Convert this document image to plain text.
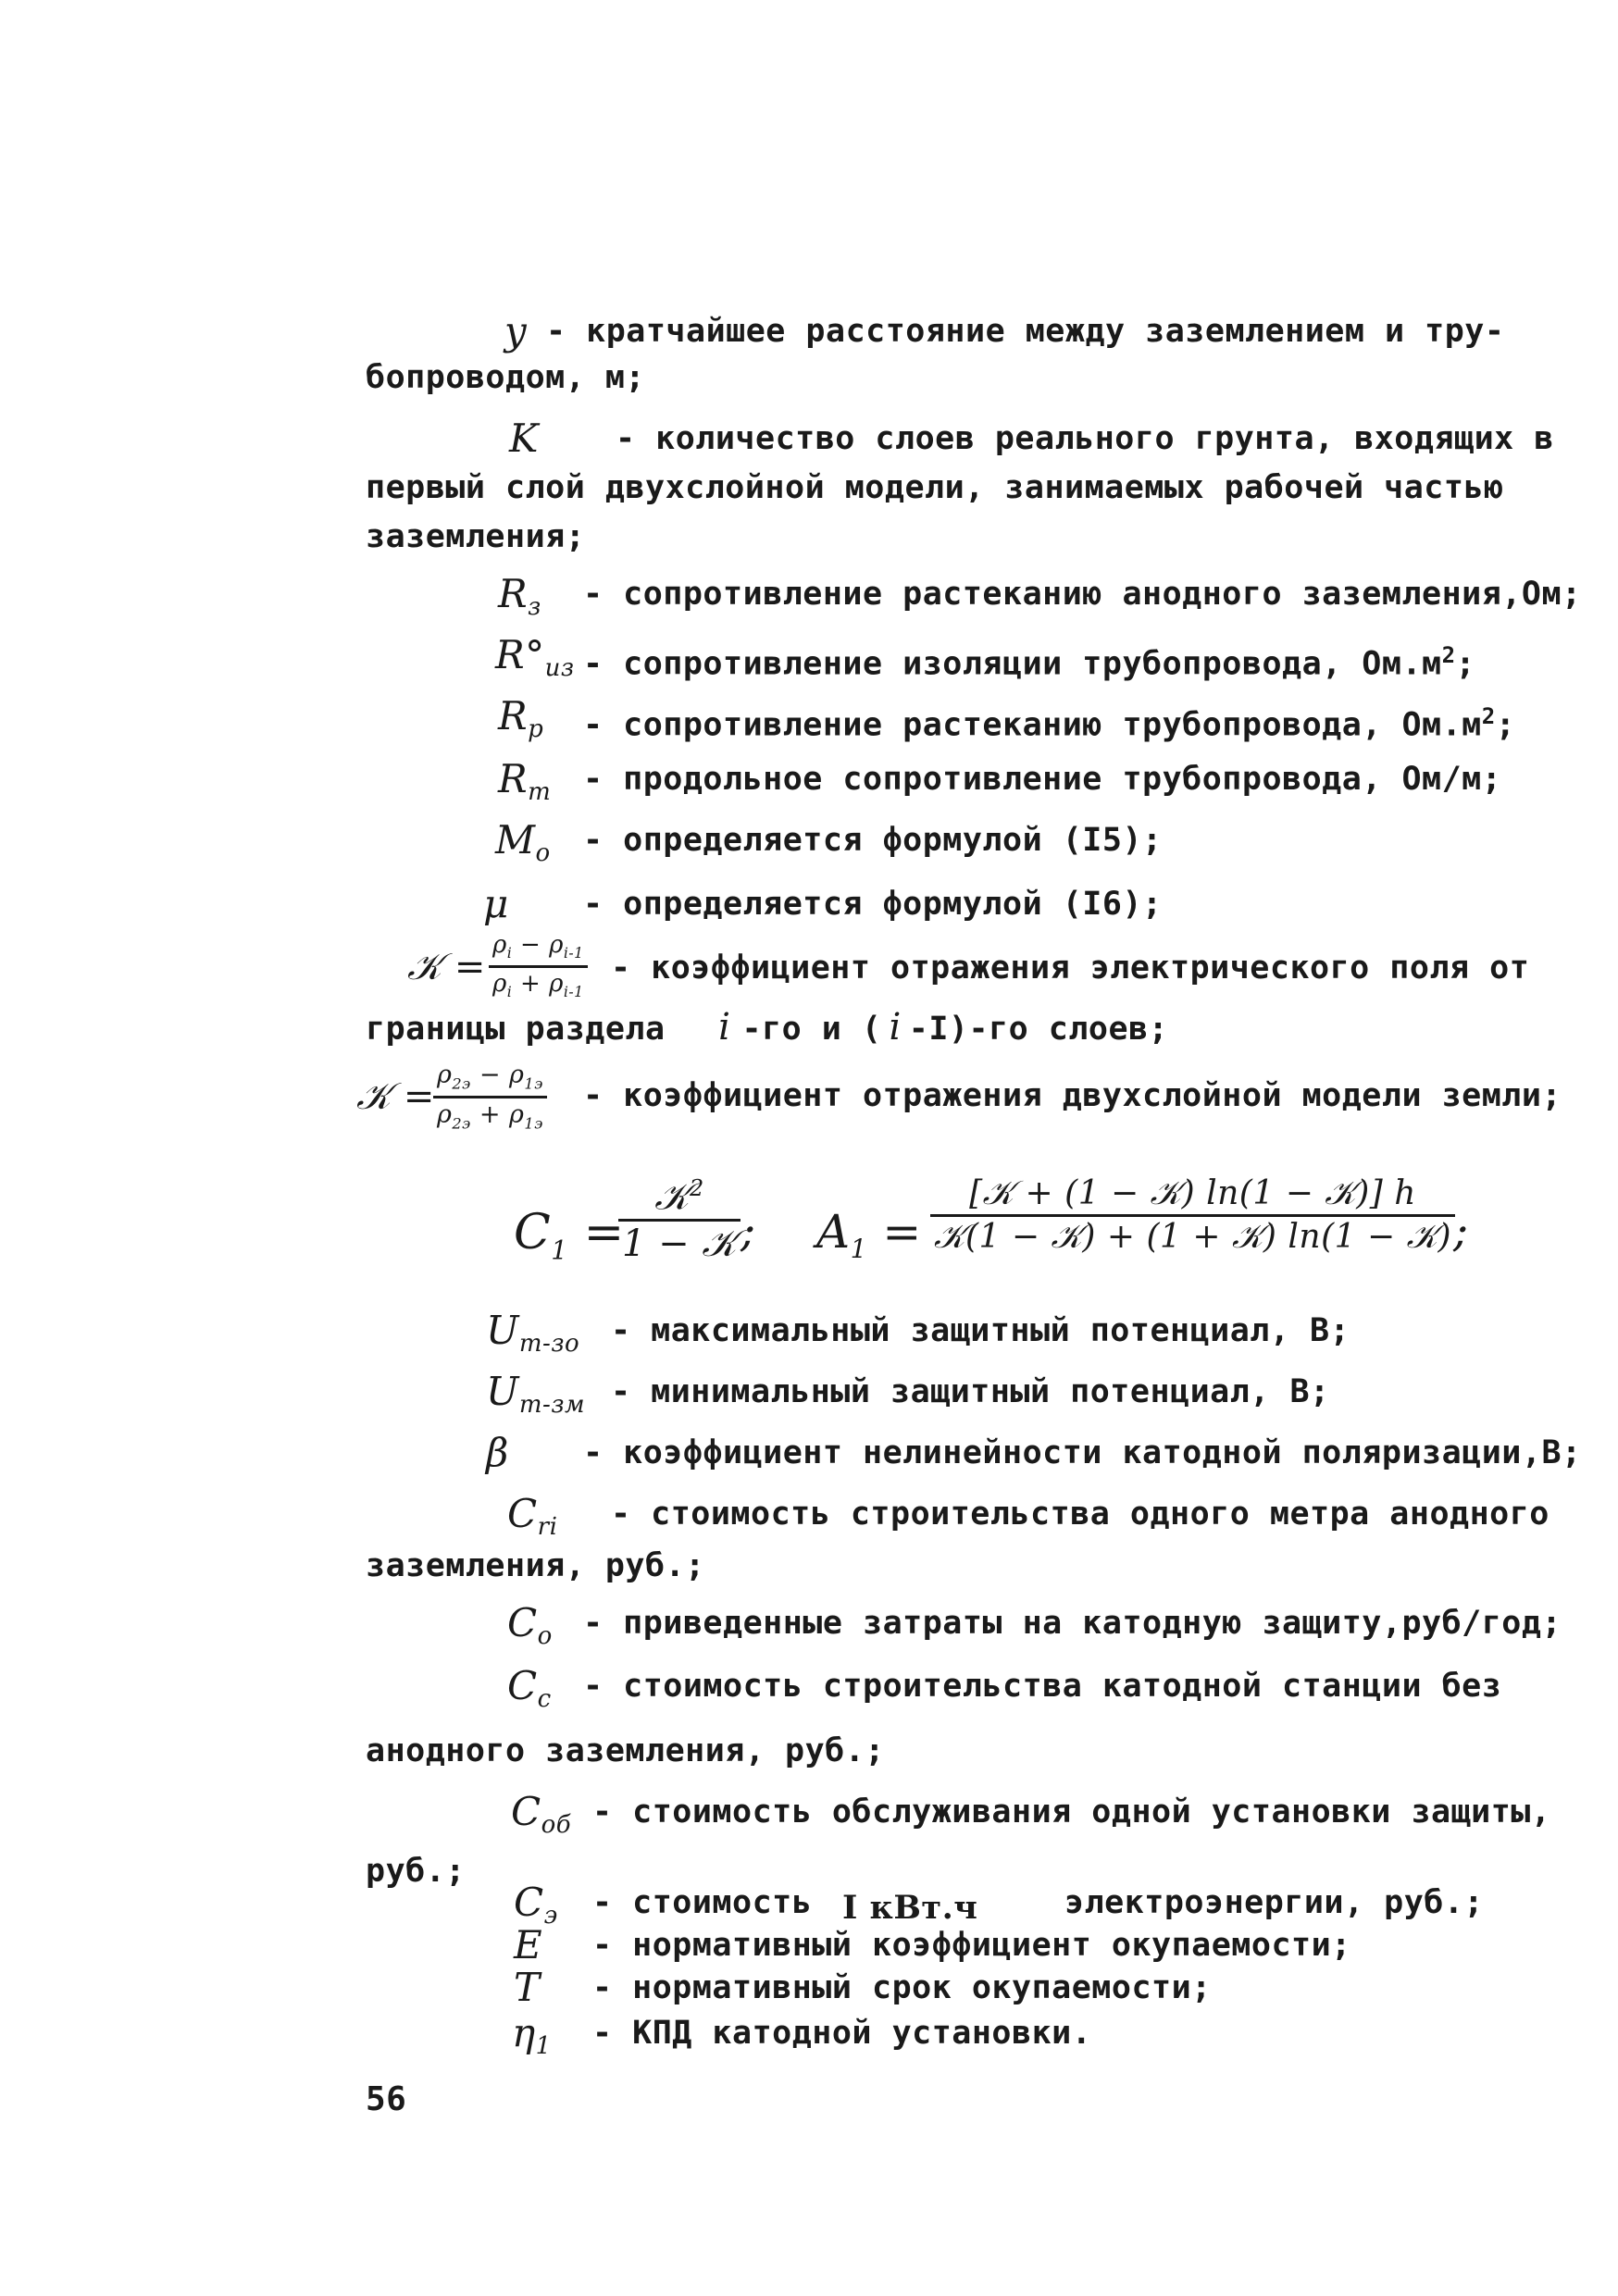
y - кратчайшее расстояние между заземлением и тру-
бопроводом, м;
K - количество слоев реального грунта, входящих в
первый слой двухслойной модели, занимаемых рабочей частью
заземления;
$R_з$ - сопротивление растеканию анодного заземления,Ом;
$R^\circ_{из}$ - сопротивление изоляции трубопровода, $Ом.м^2$;
$R_p$ - сопротивление растеканию трубопровода, $Ом.м^2$;
$R_т$ - продольное сопротивление трубопровода, Ом/м;
$M_o$ - определяется формулой (I5);
μ - определяется формулой (I6);
𝒦 =
$\rho_i - \rho_{i-1}$
$\rho_i + \rho_{i-1}$
- коэффициент отражения электрического поля от
границы раздела i -го и ( i -I)-го слоев;
𝒦 =
$\rho_{2э} - \rho_{1э}$
$\rho_{2э} + \rho_{1э}$
- коэффициент отражения двухслойной модели земли;
$C_1$ =
𝒦$^2$
1 − 𝒦 ; $A_1$ =
[𝒦 + (1 − 𝒦) ln(1 − 𝒦)] h
𝒦(1 − 𝒦) + (1 + 𝒦) ln(1 − 𝒦) ;
$U_{т-зо}$ - максимальный защитный потенциал, В;
$U_{т-зм}$ - минимальный защитный потенциал, В;
β - коэффициент нелинейности катодной поляризации,В;
$C_{ri}$ - стоимость строительства одного метра анодного
заземления, руб.;
$C_o$ - приведенные затраты на катодную защиту,руб/год;
$C_c$ - стоимость строительства катодной станции без
анодного заземления, руб.;
$C_{об}$ - стоимость обслуживания одной установки защиты,
руб.;
$C_э$ - стоимость I кВт.ч	электроэнергии, руб.;
E - нормативный коэффициент окупаемости;
T - нормативный срок окупаемости;
$\eta_1$ - КПД катодной установки.
56
